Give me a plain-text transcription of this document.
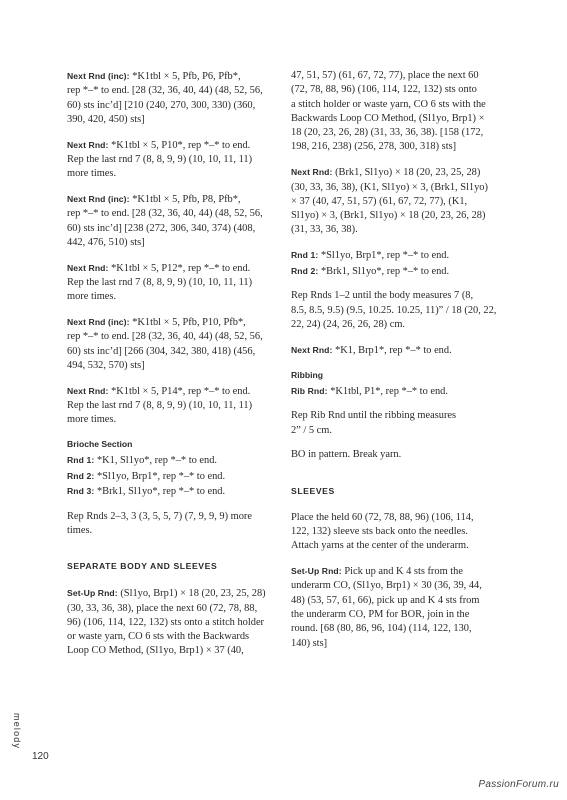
Next Rnd (inc): *K1tbl × 5, Pfb, P6, Pfb*,
rep *–* to end. [28 (32, 36, 40, 44) (48, 52, 56,
60) sts inc’d] [210 (240, 270, 300, 330) (360,
390, 420, 450) sts]

Next Rnd: *K1tbl × 5, P10*, rep *–* to end.
Rep the last rnd 7 (8, 8, 9, 9) (10, 10, 11, 11)
more times.

Next Rnd (inc): *K1tbl × 5, Pfb, P8, Pfb*,
rep *–* to end. [28 (32, 36, 40, 44) (48, 52, 56,
60) sts inc’d] [238 (272, 306, 340, 374) (408,
442, 476, 510) sts]

Next Rnd: *K1tbl × 5, P12*, rep *–* to end.
Rep the last rnd 7 (8, 8, 9, 9) (10, 10, 11, 11)
more times.

Next Rnd (inc): *K1tbl × 5, Pfb, P10, Pfb*,
rep *–* to end. [28 (32, 36, 40, 44) (48, 52, 56,
60) sts inc’d] [266 (304, 342, 380, 418) (456,
494, 532, 570) sts]

Next Rnd: *K1tbl × 5, P14*, rep *–* to end.
Rep the last rnd 7 (8, 8, 9, 9) (10, 10, 11, 11)
more times.

Brioche Section

Rnd 1: *K1, Sl1yo*, rep *–* to end.
Rnd 2: *Sl1yo, Brp1*, rep *–* to end.
Rnd 3: *Brk1, Sl1yo*, rep *–* to end.

Rep Rnds 2–3, 3 (3, 5, 5, 7) (7, 9, 9, 9) more
times.

SEPARATE BODY AND SLEEVES

Set-Up Rnd: (Sl1yo, Brp1) × 18 (20, 23, 25, 28)
(30, 33, 36, 38), place the next 60 (72, 78, 88,
96) (106, 114, 122, 132) sts onto a stitch holder
or waste yarn, CO 6 sts with the Backwards
Loop CO Method, (Sl1yo, Brp1) × 37 (40,

47, 51, 57) (61, 67, 72, 77), place the next 60
(72, 78, 88, 96) (106, 114, 122, 132) sts onto
a stitch holder or waste yarn, CO 6 sts with the
Backwards Loop CO Method, (Sl1yo, Brp1) ×
18 (20, 23, 26, 28) (31, 33, 36, 38). [158 (172,
198, 216, 238) (256, 278, 300, 318) sts]

Next Rnd: (Brk1, Sl1yo) × 18 (20, 23, 25, 28)
(30, 33, 36, 38), (K1, Sl1yo) × 3, (Brk1, Sl1yo)
× 37 (40, 47, 51, 57) (61, 67, 72, 77), (K1,
Sl1yo) × 3, (Brk1, Sl1yo) × 18 (20, 23, 26, 28)
(31, 33, 36, 38).

Rnd 1: *Sl1yo, Brp1*, rep *–* to end.
Rnd 2: *Brk1, Sl1yo*, rep *–* to end.

Rep Rnds 1–2 until the body measures 7 (8,
8.5, 8.5, 9.5) (9.5, 10.25. 10.25, 11)” / 18 (20, 22,
22, 24) (24, 26, 26, 28) cm.

Next Rnd: *K1, Brp1*, rep *–* to end.

Ribbing

Rib Rnd: *K1tbl, P1*, rep *–* to end.

Rep Rib Rnd until the ribbing measures
2” / 5 cm.

BO in pattern. Break yarn.

SLEEVES

Place the held 60 (72, 78, 88, 96) (106, 114,
122, 132) sleeve sts back onto the needles.
Attach yarns at the center of the underarm.

Set-Up Rnd: Pick up and K 4 sts from the
underarm CO, (Sl1yo, Brp1) × 30 (36, 39, 44,
48) (53, 57, 61, 66), pick up and K 4 sts from
the underarm CO, PM for BOR, join in the
round. [68 (80, 86, 96, 104) (114, 122, 130,
140) sts]

melody
120
PassionForum.ru
